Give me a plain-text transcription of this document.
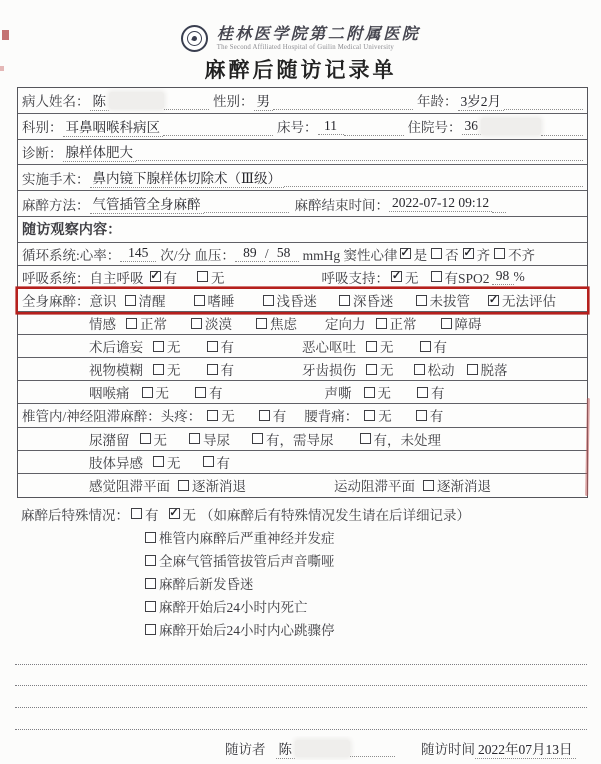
桂林医学院第二附属医院
The Second Affiliated Hospital of Guilin Medical University
麻醉后随访记录单
病人姓名： 陈	性别： 男	年龄： 3岁2月
科别： 耳鼻咽喉科病区	床号： 11	住院号： 36
诊断： 腺样体肥大
实施手术： 鼻内镜下腺样体切除术（Ⅲ级）
麻醉方法： 气管插管全身麻醉	麻醉结束时间： 2022-07-12 09:12
随访观察内容：
循环系统:心率： 145 次/分 血压： 89 / 58 mmHg 窦性心律 ✓ 是 否 ✓ 齐 不齐
呼吸系统：自主呼吸 ✓ 有	无	呼吸支持： ✓ 无 有SPO2 98 %
全身麻醉：意识 清醒	嗜睡	浅昏迷	深昏迷	未拔管 ✓ 无法评估
情感 正常	淡漠	焦虑 定向力 正常	障碍
术后谵妄 无	有	恶心呕吐 无	有
视物模糊 无	有	牙齿损伤 无	松动 脱落
咽喉痛 无	有	声嘶 无	有
椎管内/神经阻滞麻醉：头疼： 无	有 腰背痛： 无	有
尿潴留 无	导尿	有，需导尿	有，未处理
肢体异感 无	有
感觉阻滞平面 逐渐消退	运动阻滞平面 逐渐消退
麻醉后特殊情况： 有 ✓ 无 （如麻醉后有特殊情况发生请在后详细记录）
椎管内麻醉后严重神经并发症
全麻气管插管拔管后声音嘶哑
麻醉后新发昏迷
麻醉开始后24小时内死亡
麻醉开始后24小时内心跳骤停
随访者 陈	随访时间 2022年07月13日
